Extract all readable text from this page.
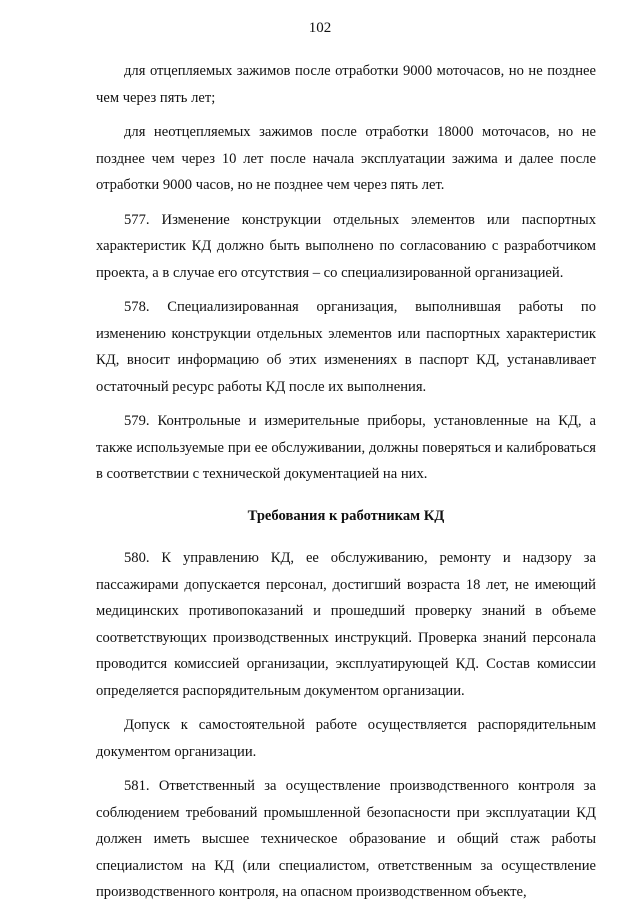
102

для отцепляемых зажимов после отработки 9000 моточасов, но не позднее чем через пять лет;

для неотцепляемых зажимов после отработки 18000 моточасов, но не позднее чем через 10 лет после начала эксплуатации зажима и далее после отработки 9000 часов, но не позднее чем через пять лет.

577. Изменение конструкции отдельных элементов или паспортных характеристик КД должно быть выполнено по согласованию с разработчиком проекта, а в случае его отсутствия – со специализированной организацией.

578. Специализированная организация, выполнившая работы по изменению конструкции отдельных элементов или паспортных характеристик КД, вносит информацию об этих изменениях в паспорт КД, устанавливает остаточный ресурс работы КД после их выполнения.

579. Контрольные и измерительные приборы, установленные на КД, а также используемые при ее обслуживании, должны поверяться и калиброваться в соответствии с технической документацией на них.

Требования к работникам КД

580. К управлению КД, ее обслуживанию, ремонту и надзору за пассажирами допускается персонал, достигший возраста 18 лет, не имеющий медицинских противопоказаний и прошедший проверку знаний в объеме соответствующих производственных инструкций. Проверка знаний персонала проводится комиссией организации, эксплуатирующей КД. Состав комиссии определяется распорядительным документом организации.

Допуск к самостоятельной работе осуществляется распорядительным документом организации.

581. Ответственный за осуществление производственного контроля за соблюдением требований промышленной безопасности при эксплуатации КД должен иметь высшее техническое образование и общий стаж работы специалистом на КД (или специалистом, ответственным за осуществление производственного контроля, на опасном производственном объекте,
